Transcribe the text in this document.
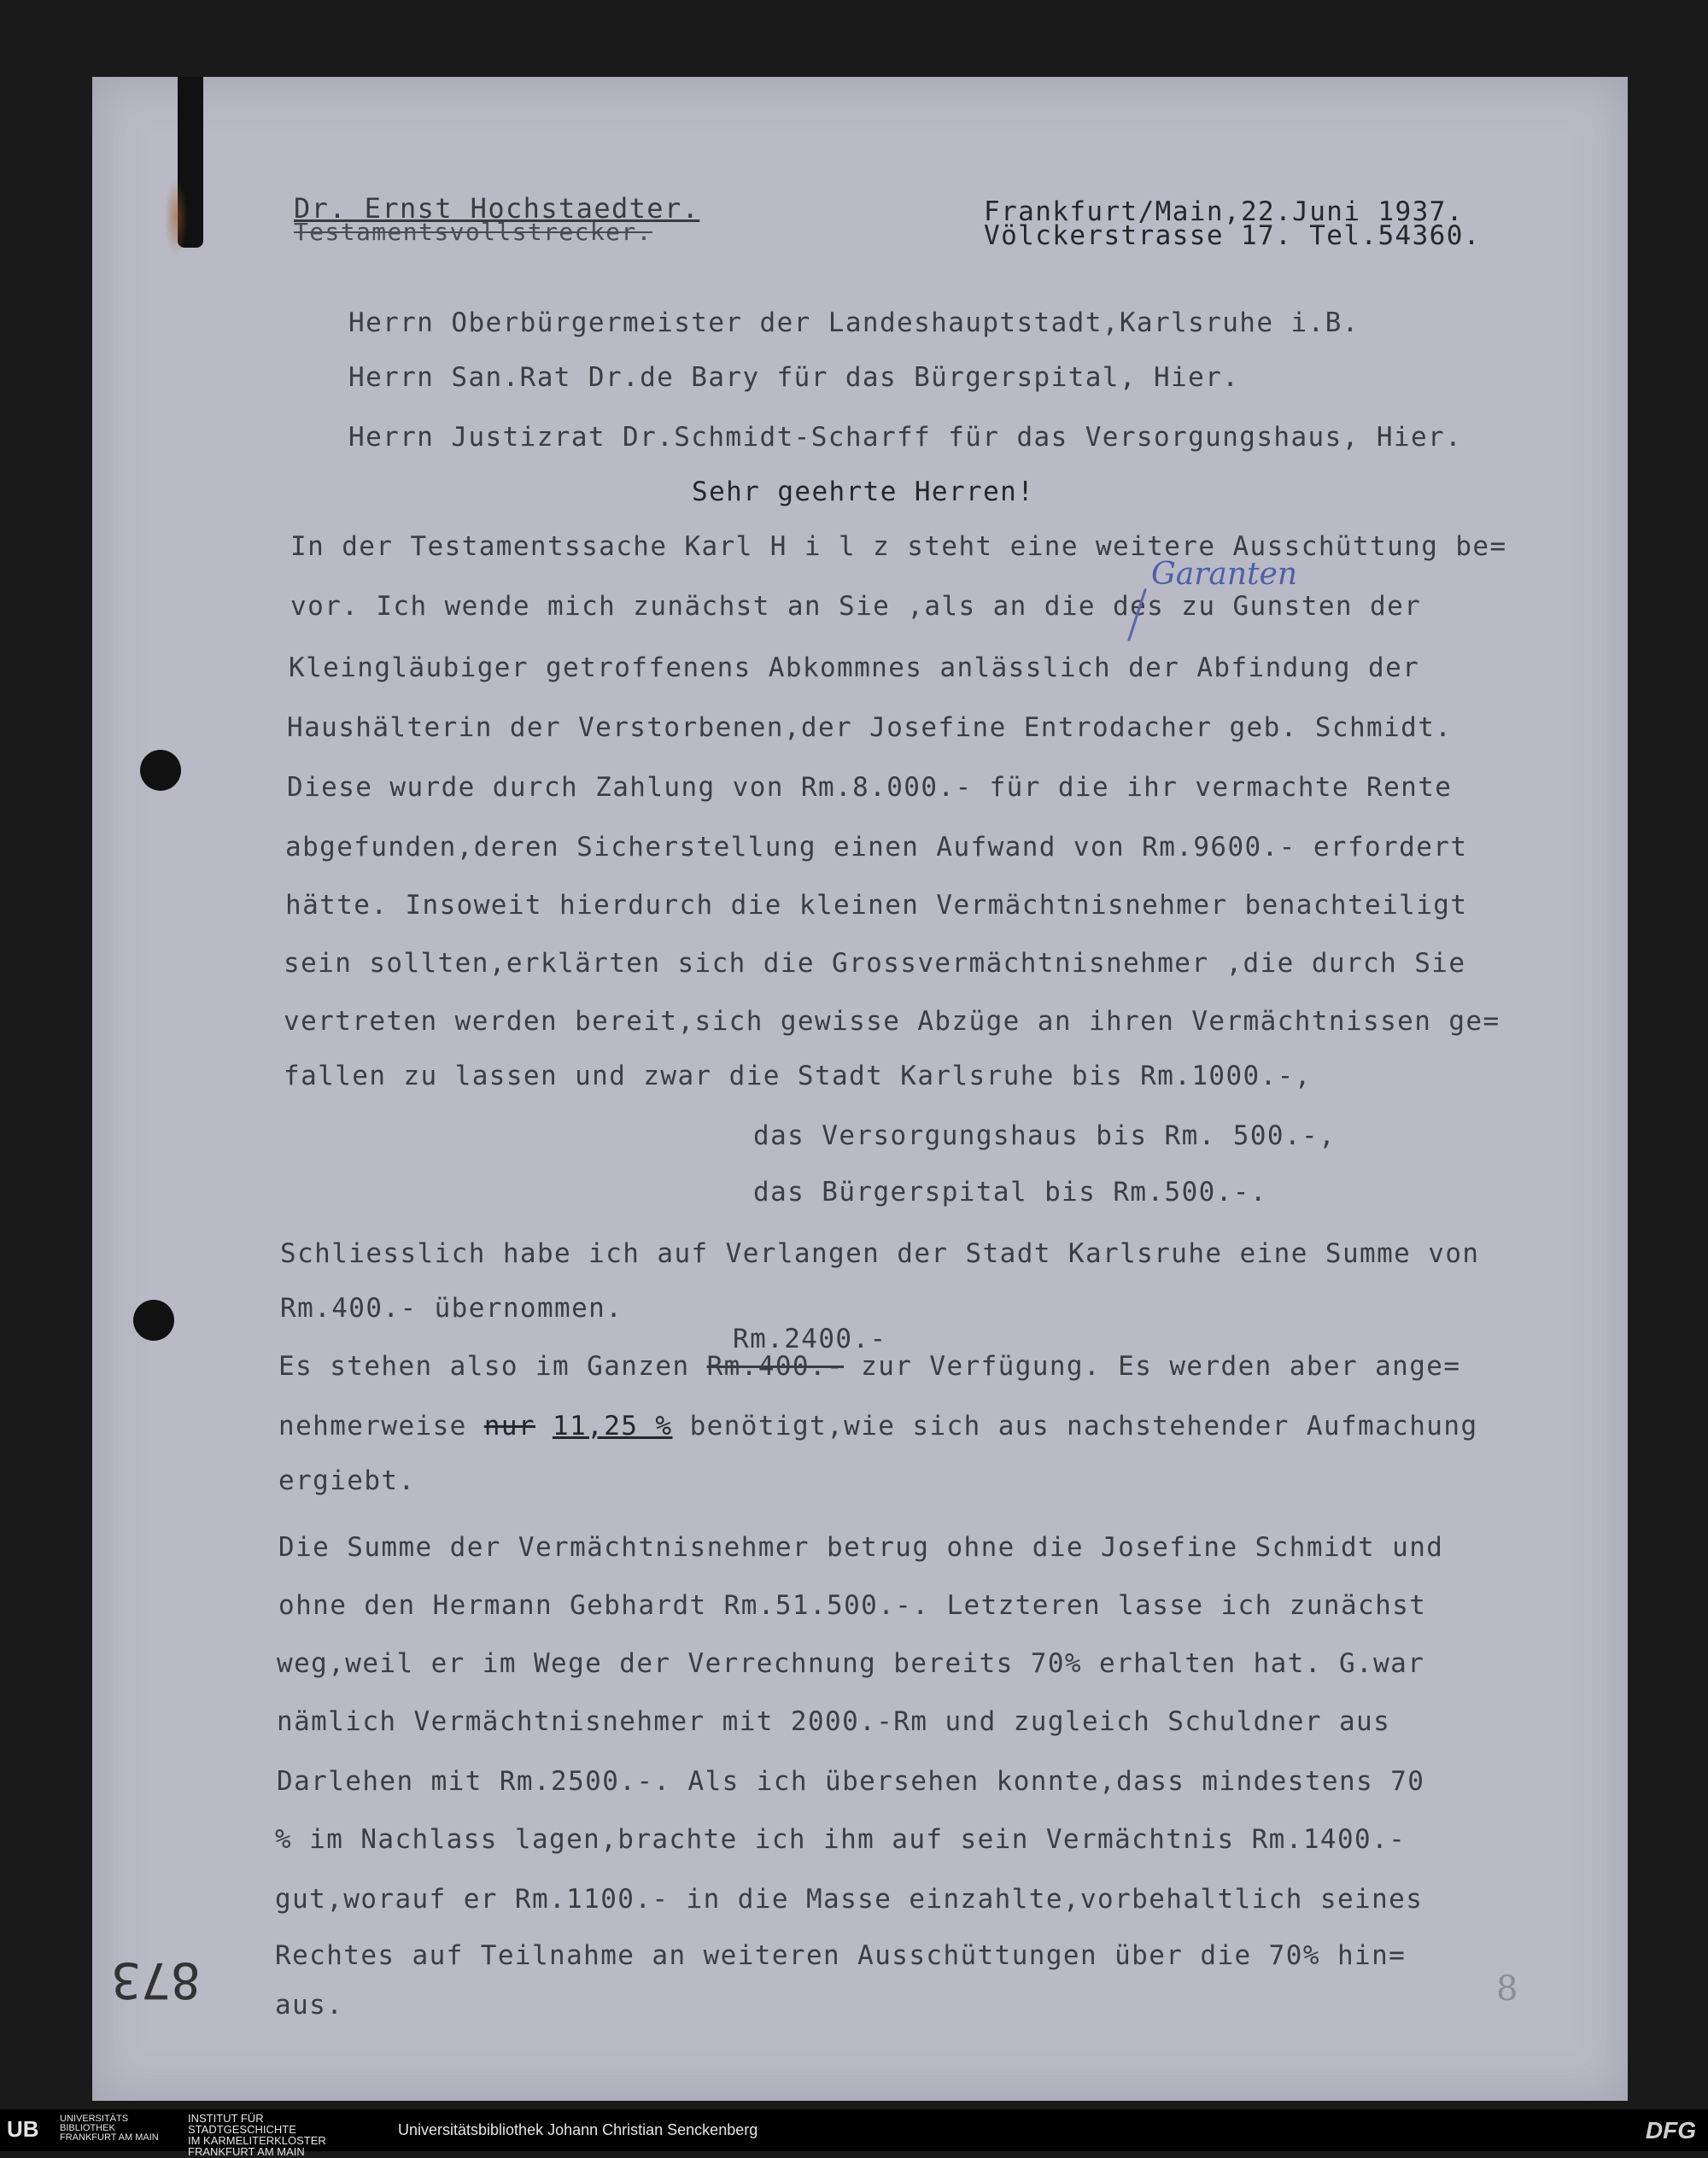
Dr. Ernst Hochstaedter.
Testamentsvollstrecker.
Frankfurt/Main,22.Juni 1937.
Völckerstrasse 17. Tel.54360.
Herrn Oberbürgermeister der Landeshauptstadt,Karlsruhe i.B.
Herrn San.Rat Dr.de Bary für das Bürgerspital, Hier.
Herrn Justizrat Dr.Schmidt-Scharff für das Versorgungshaus, Hier.
Sehr geehrte Herren!
In der Testamentssache Karl H i l z steht eine weitere Ausschüttung be=
vor. Ich wende mich zunächst an Sie ,als an die des zu Gunsten der
Kleingläubiger getroffenens Abkommnes anlässlich der Abfindung der
Haushälterin der Verstorbenen,der Josefine Entrodacher geb. Schmidt.
Diese wurde durch Zahlung von Rm.8.000.- für die ihr vermachte Rente
abgefunden,deren Sicherstellung einen Aufwand von Rm.9600.- erfordert
hätte. Insoweit hierdurch die kleinen Vermächtnisnehmer benachteiligt
sein sollten,erklärten sich die Grossvermächtnisnehmer ,die durch Sie
vertreten werden bereit,sich gewisse Abzüge an ihren Vermächtnissen ge=
fallen zu lassen und zwar die Stadt Karlsruhe bis Rm.1000.-,
das Versorgungshaus bis Rm. 500.-,
das Bürgerspital bis Rm.500.-.
Schliesslich habe ich auf Verlangen der Stadt Karlsruhe eine Summe von
Rm.400.- übernommen.
Rm.2400.-
Es stehen also im Ganzen Rm.400.- zur Verfügung. Es werden aber ange=
nehmerweise nur 11,25 % benötigt,wie sich aus nachstehender Aufmachung
ergiebt.
Die Summe der Vermächtnisnehmer betrug ohne die Josefine Schmidt und
ohne den Hermann Gebhardt Rm.51.500.-. Letzteren lasse ich zunächst
weg,weil er im Wege der Verrechnung bereits 70% erhalten hat. G.war
nämlich Vermächtnisnehmer mit 2000.-Rm und zugleich Schuldner aus
Darlehen mit Rm.2500.-. Als ich übersehen konnte,dass mindestens 70
% im Nachlass lagen,brachte ich ihm auf sein Vermächtnis Rm.1400.-
gut,worauf er Rm.1100.- in die Masse einzahlte,vorbehaltlich seines
Rechtes auf Teilnahme an weiteren Ausschüttungen über die 70% hin=
aus.
Garanten
873	8
UB UNIVERSITÄTS
BIBLIOTHEK
FRANKFURT AM MAIN
INSTITUT FÜR
STADTGESCHICHTE
IM KARMELITERKLOSTER
FRANKFURT AM MAIN
Universitätsbibliothek Johann Christian Senckenberg	DFG
